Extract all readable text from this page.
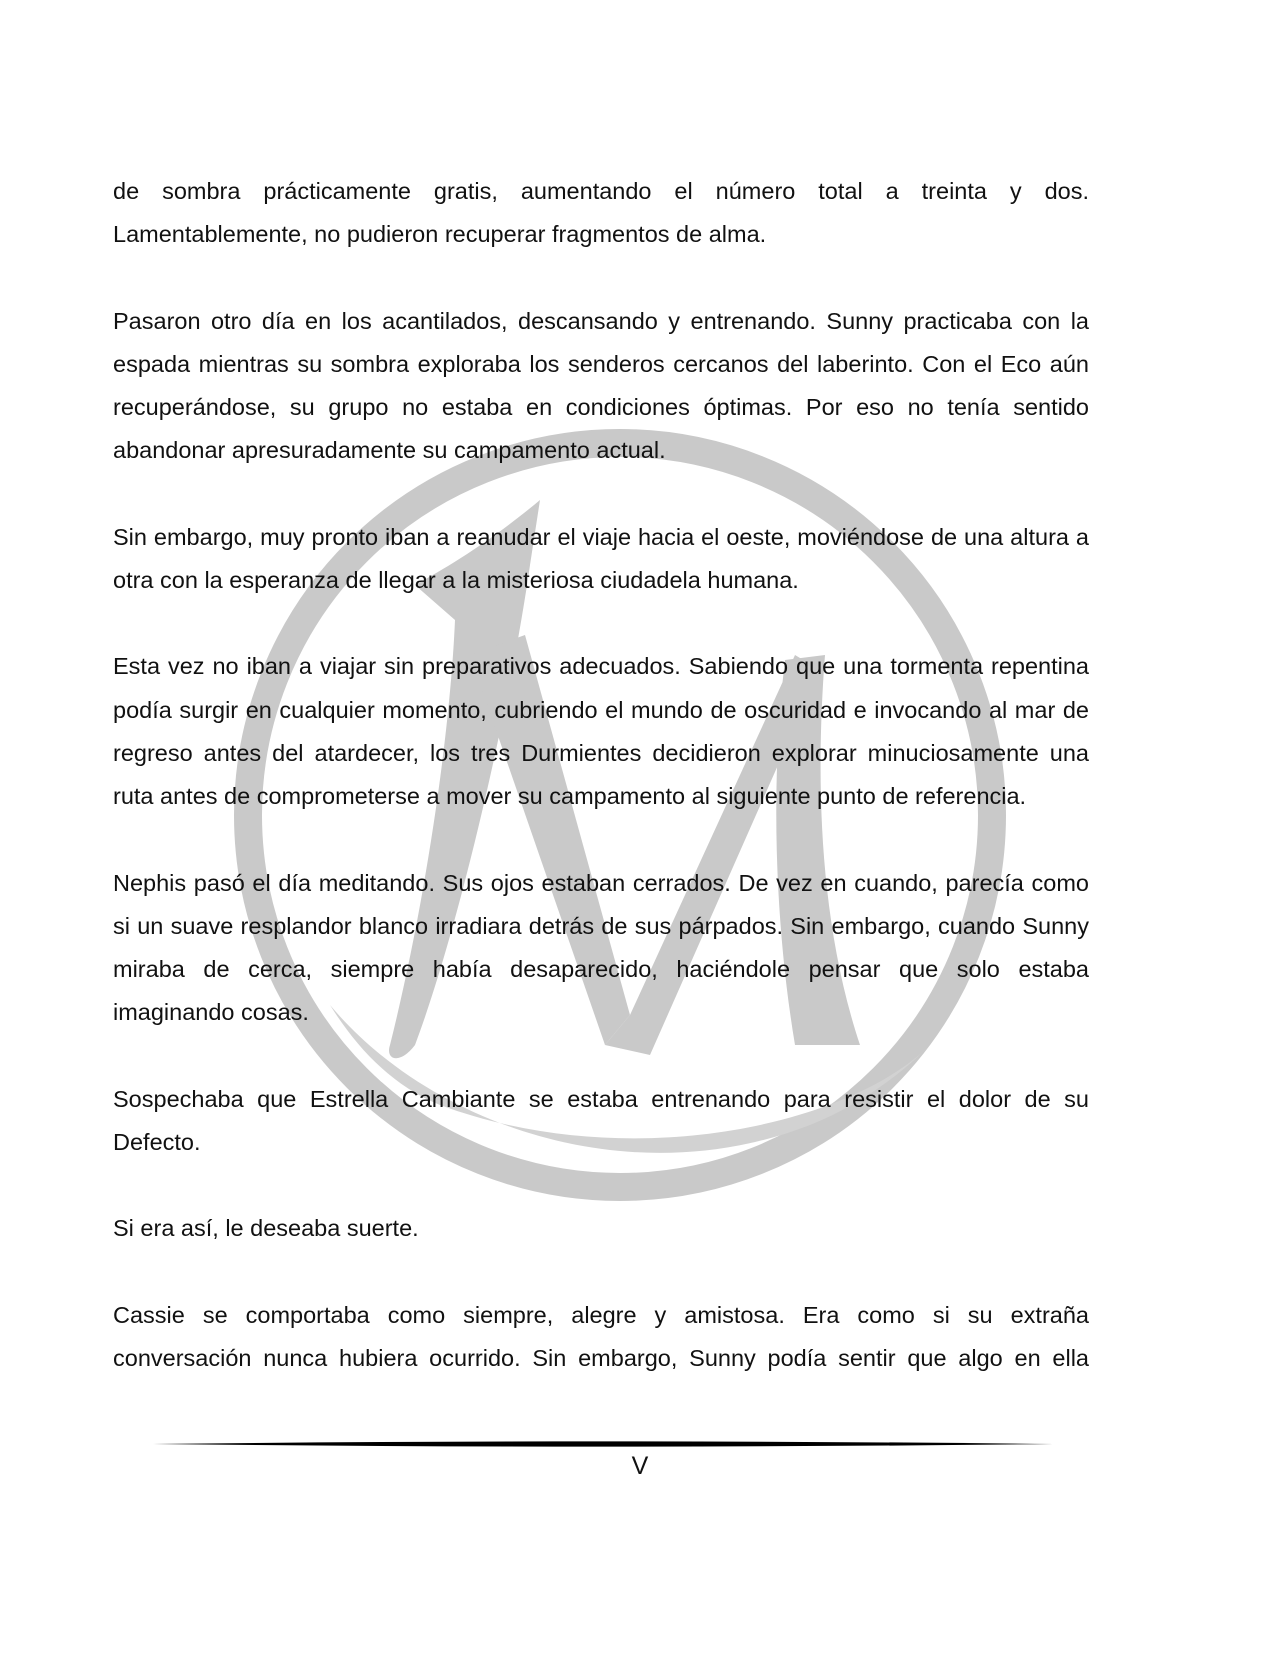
de sombra prácticamente gratis, aumentando el número total a treinta y dos. Lamentablemente, no pudieron recuperar fragmentos de alma.

Pasaron otro día en los acantilados, descansando y entrenando. Sunny practicaba con la espada mientras su sombra exploraba los senderos cercanos del laberinto. Con el Eco aún recuperándose, su grupo no estaba en condiciones óptimas. Por eso no tenía sentido abandonar apresuradamente su campamento actual.

Sin embargo, muy pronto iban a reanudar el viaje hacia el oeste, moviéndose de una altura a otra con la esperanza de llegar a la misteriosa ciudadela humana.

Esta vez no iban a viajar sin preparativos adecuados. Sabiendo que una tormenta repentina podía surgir en cualquier momento, cubriendo el mundo de oscuridad e invocando al mar de regreso antes del atardecer, los tres Durmientes decidieron explorar minuciosamente una ruta antes de comprometerse a mover su campamento al siguiente punto de referencia.

Nephis pasó el día meditando. Sus ojos estaban cerrados. De vez en cuando, parecía como si un suave resplandor blanco irradiara detrás de sus párpados. Sin embargo, cuando Sunny miraba de cerca, siempre había desaparecido, haciéndole pensar que solo estaba imaginando cosas.

Sospechaba que Estrella Cambiante se estaba entrenando para resistir el dolor de su Defecto.

Si era así, le deseaba suerte.

Cassie se comportaba como siempre, alegre y amistosa. Era como si su extraña conversación nunca hubiera ocurrido. Sin embargo, Sunny podía sentir que algo en ella

V
